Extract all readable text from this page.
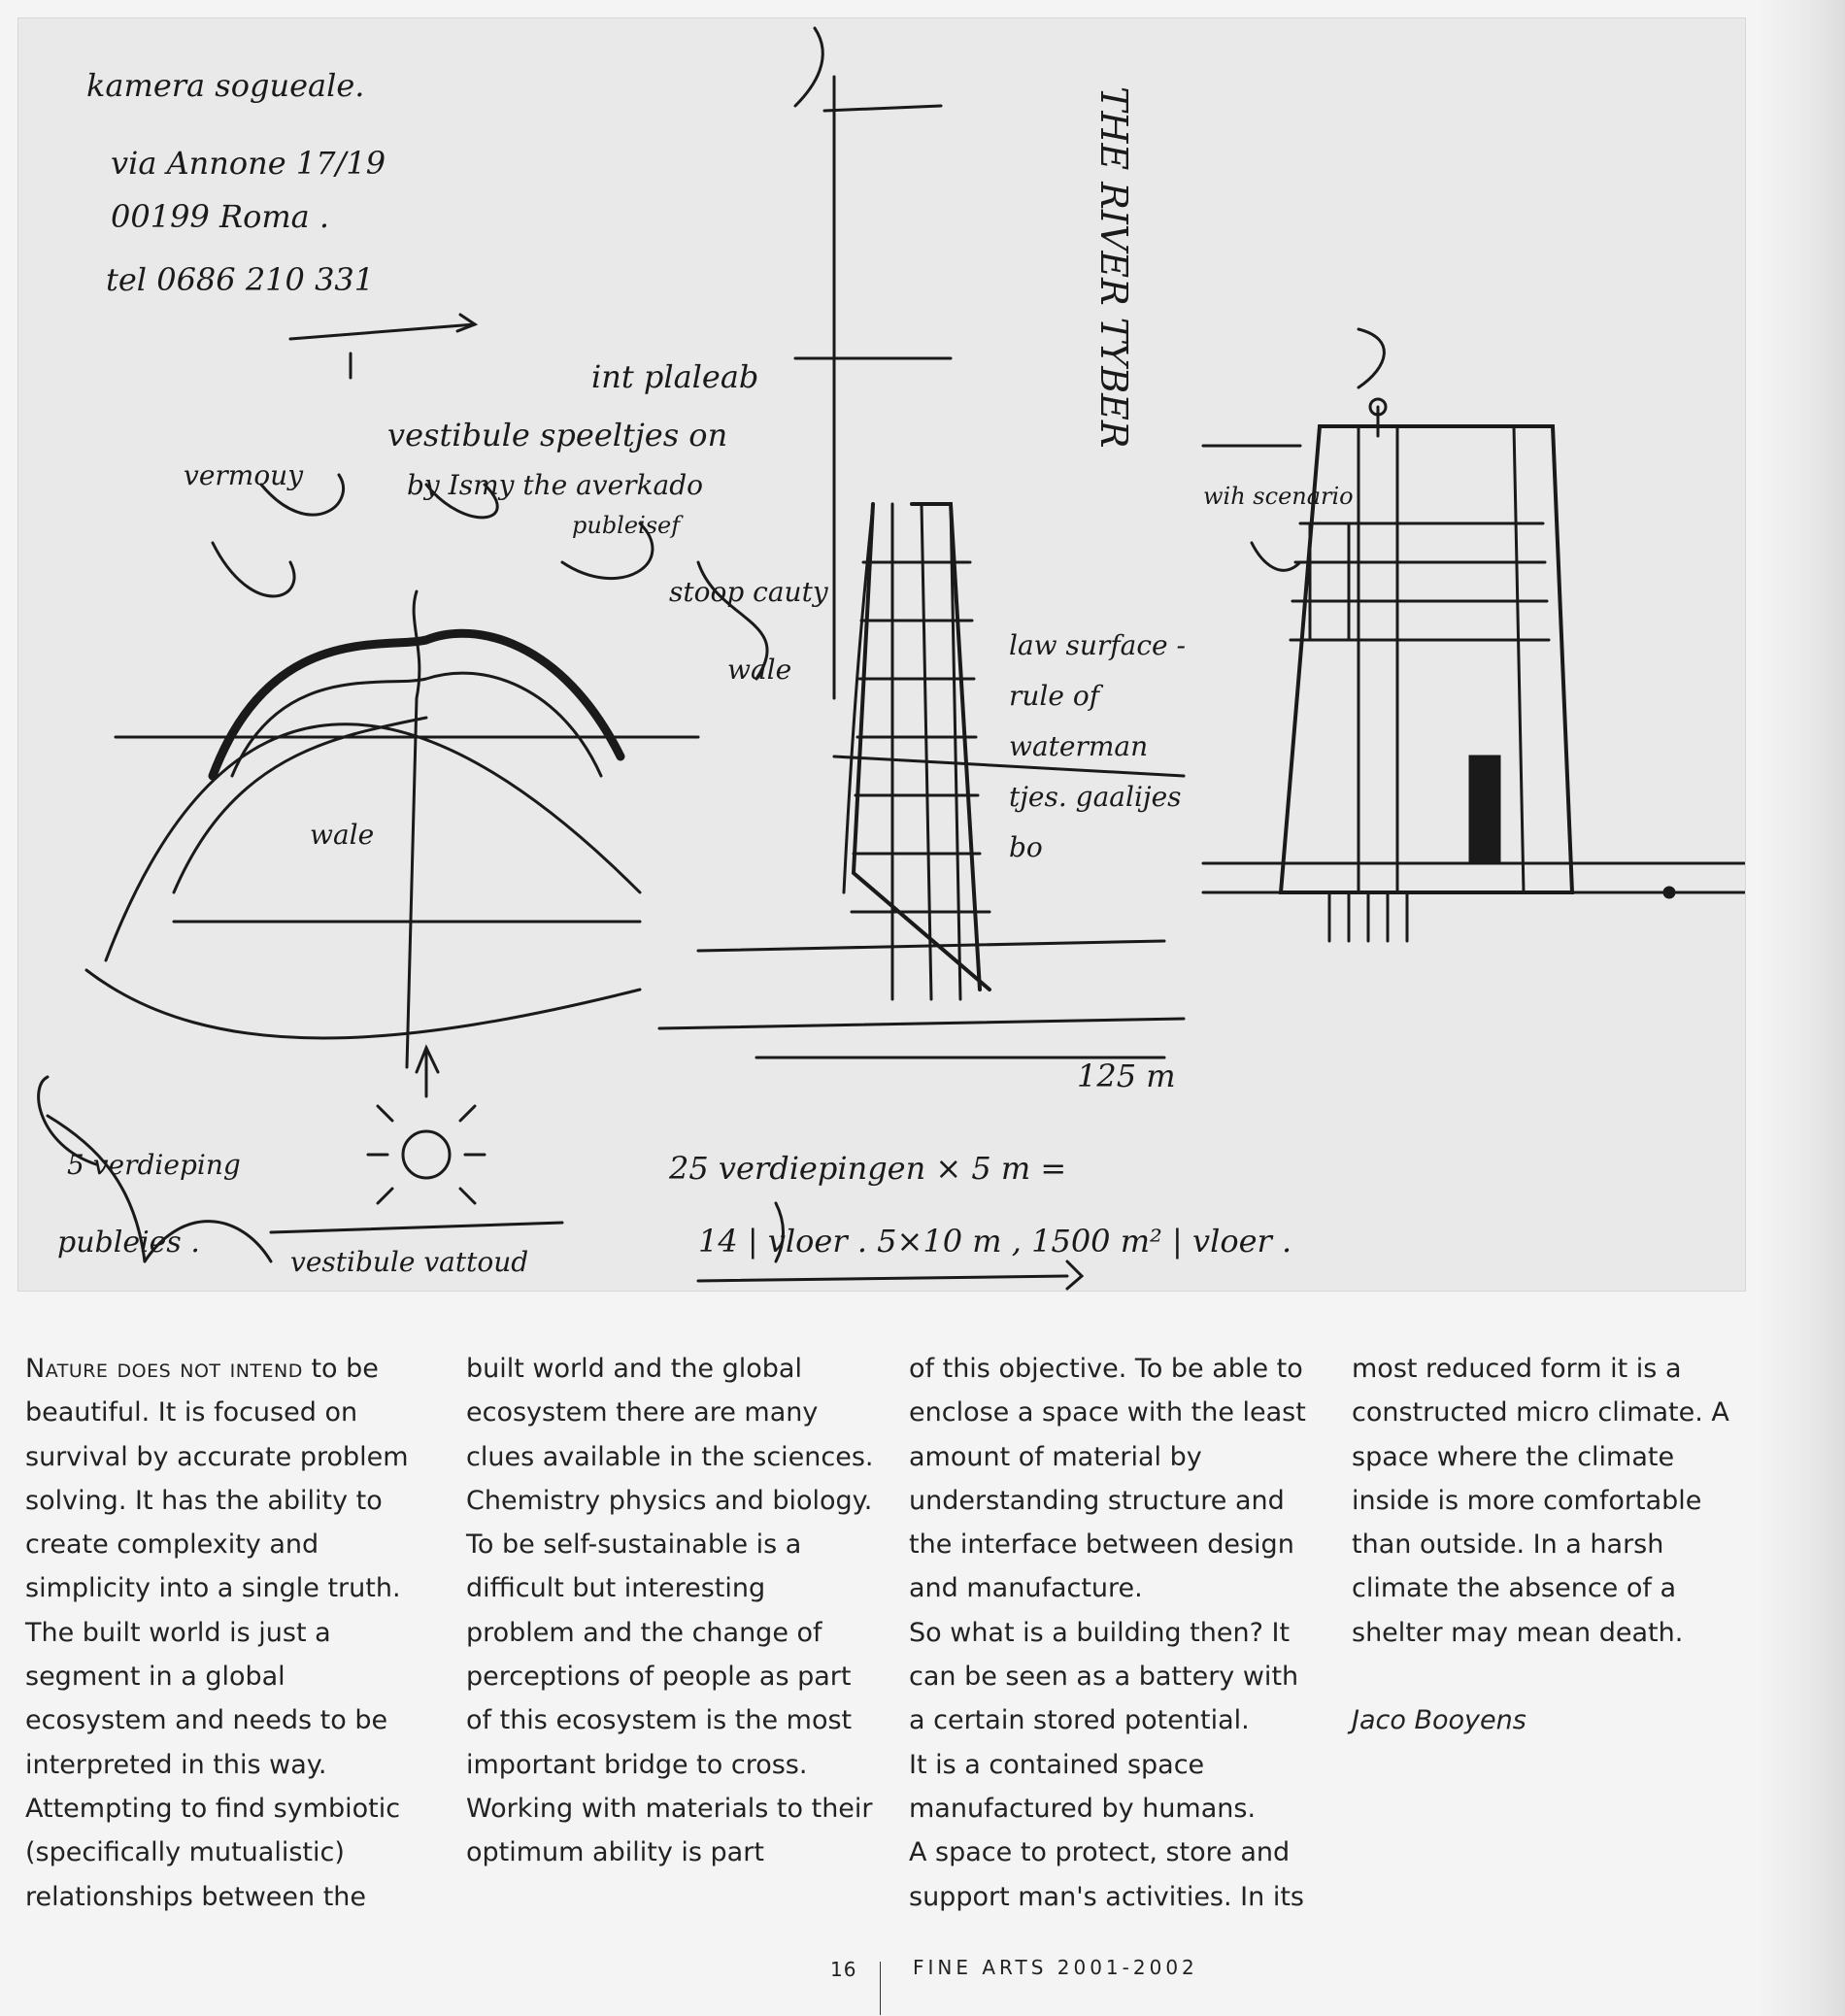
kamera sogueale.
via Annone 17/19
00199 Roma .
tel 0686 210 331	THE RIVER TYBER
int plaleab
vestibule speeltjes on
by Ismy the averkado
publeisef
stoop cauty
wale
wale
vermouy
law surface - rule of waterman tjes. gaalijes bo
wih scenario
5 verdieping
publeies .
vestibule vattoud
25 verdiepingen × 5 m =
125 m
14 | vloer . 5×10 m , 1500 m² | vloer .
Nature does not intend to be beautiful. It is focused on survival by accurate problem solving. It has the ability to create complexity and simplicity into a single truth. The built world is just a segment in a global ecosystem and needs to be interpreted in this way. Attempting to find symbiotic (specifically mutualistic) relationships between the
built world and the global ecosystem there are many clues available in the sciences. Chemistry physics and biology.
To be self-sustainable is a difficult but interesting problem and the change of perceptions of people as part of this ecosystem is the most important bridge to cross. Working with materials to their optimum ability is part
of this objective. To be able to enclose a space with the least amount of material by understanding structure and the interface between design and manufacture.
So what is a building then? It can be seen as a battery with a certain stored potential.
It is a contained space manufactured by humans.
A space to protect, store and support man's activities. In its
most reduced form it is a constructed micro climate. A space where the climate inside is more comfortable than outside. In a harsh climate the absence of a shelter may mean death.
Jaco Booyens
16	FINE ARTS 2001-2002
